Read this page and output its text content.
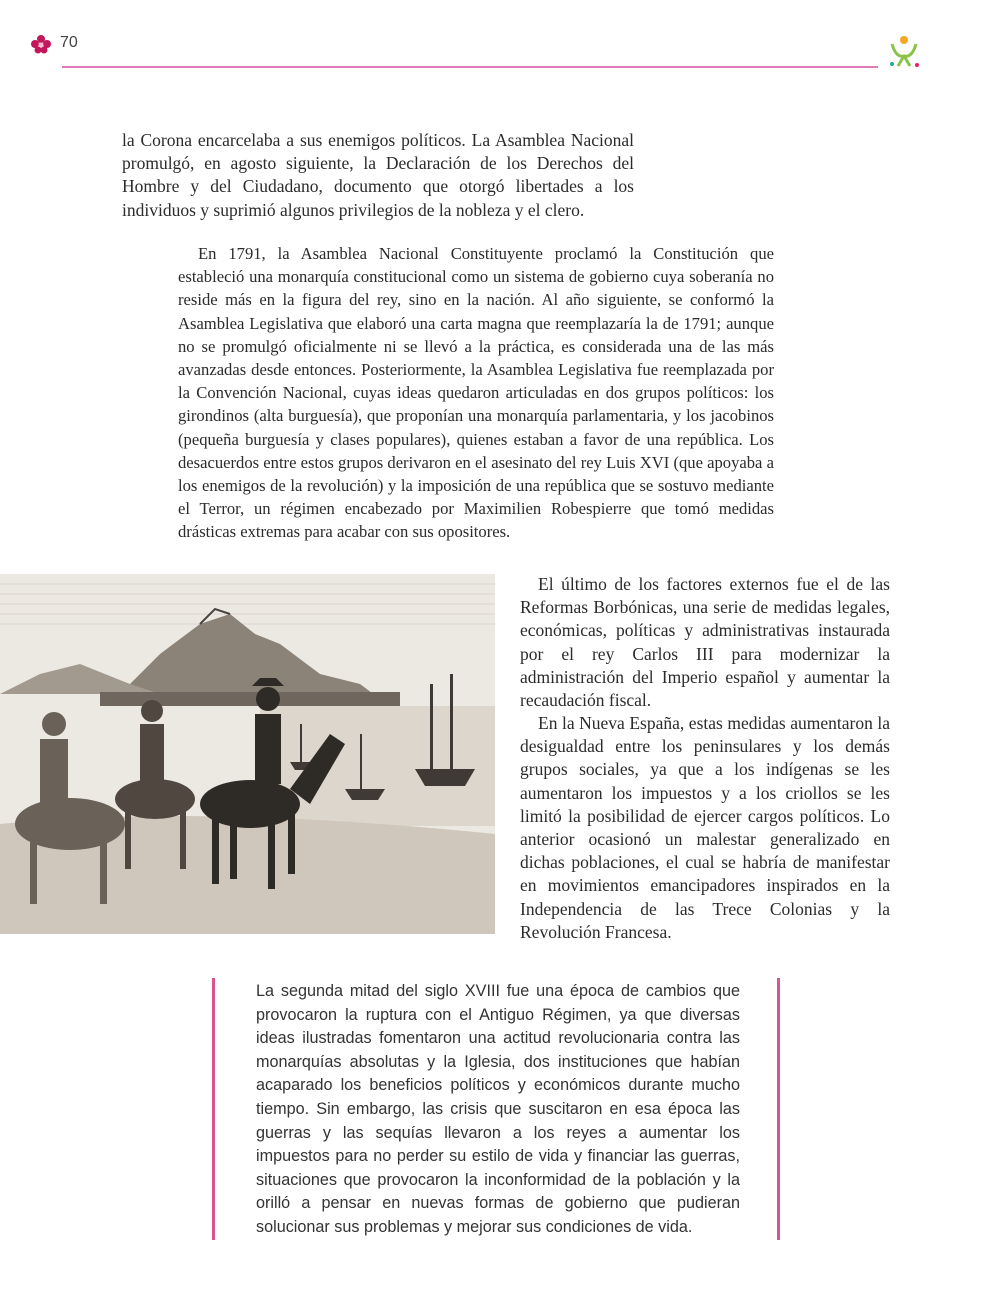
70

la Corona encarcelaba a sus enemigos políticos. La Asamblea Nacional promulgó, en agosto siguiente, la Declaración de los Derechos del Hombre y del Ciudadano, documento que otorgó libertades a los individuos y suprimió algunos privilegios de la nobleza y el clero.

En 1791, la Asamblea Nacional Constituyente proclamó la Constitución que estableció una monarquía constitucional como un sistema de gobierno cuya soberanía no reside más en la figura del rey, sino en la nación. Al año siguiente, se conformó la Asamblea Legislativa que elaboró una carta magna que reemplazaría la de 1791; aunque no se promulgó oficialmente ni se llevó a la práctica, es considerada una de las más avanzadas desde entonces. Posteriormente, la Asamblea Legislativa fue reemplazada por la Convención Nacional, cuyas ideas quedaron articuladas en dos grupos políticos: los girondinos (alta burguesía), que proponían una monarquía parlamentaria, y los jacobinos (pequeña burguesía y clases populares), quienes estaban a favor de una república. Los desacuerdos entre estos grupos derivaron en el asesinato del rey Luis XVI (que apoyaba a los enemigos de la revolución) y la imposición de una república que se sostuvo mediante el Terror, un régimen encabezado por Maximilien Robespierre que tomó medidas drásticas extremas para acabar con sus opositores.

El último de los factores externos fue el de las Reformas Borbónicas, una serie de medidas legales, económicas, políticas y administrativas instaurada por el rey Carlos III para modernizar la administración del Imperio español y aumentar la recaudación fiscal.

En la Nueva España, estas medidas aumentaron la desigualdad entre los peninsulares y los demás grupos sociales, ya que a los indígenas se les aumentaron los impuestos y a los criollos se les limitó la posibilidad de ejercer cargos políticos. Lo anterior ocasionó un malestar generalizado en dichas poblaciones, el cual se habría de manifestar en movimientos emancipadores inspirados en la Independencia de las Trece Colonias y la Revolución Francesa.

La segunda mitad del siglo XVIII fue una época de cambios que provocaron la ruptura con el Antiguo Régimen, ya que diversas ideas ilustradas fomentaron una actitud revolucionaria contra las monarquías absolutas y la Iglesia, dos instituciones que habían acaparado los beneficios políticos y económicos durante mucho tiempo. Sin embargo, las crisis que suscitaron en esa época las guerras y las sequías llevaron a los reyes a aumentar los impuestos para no perder su estilo de vida y financiar las guerras, situaciones que provocaron la inconformidad de la población y la orilló a pensar en nuevas formas de gobierno que pudieran solucionar sus problemas y mejorar sus condiciones de vida.
